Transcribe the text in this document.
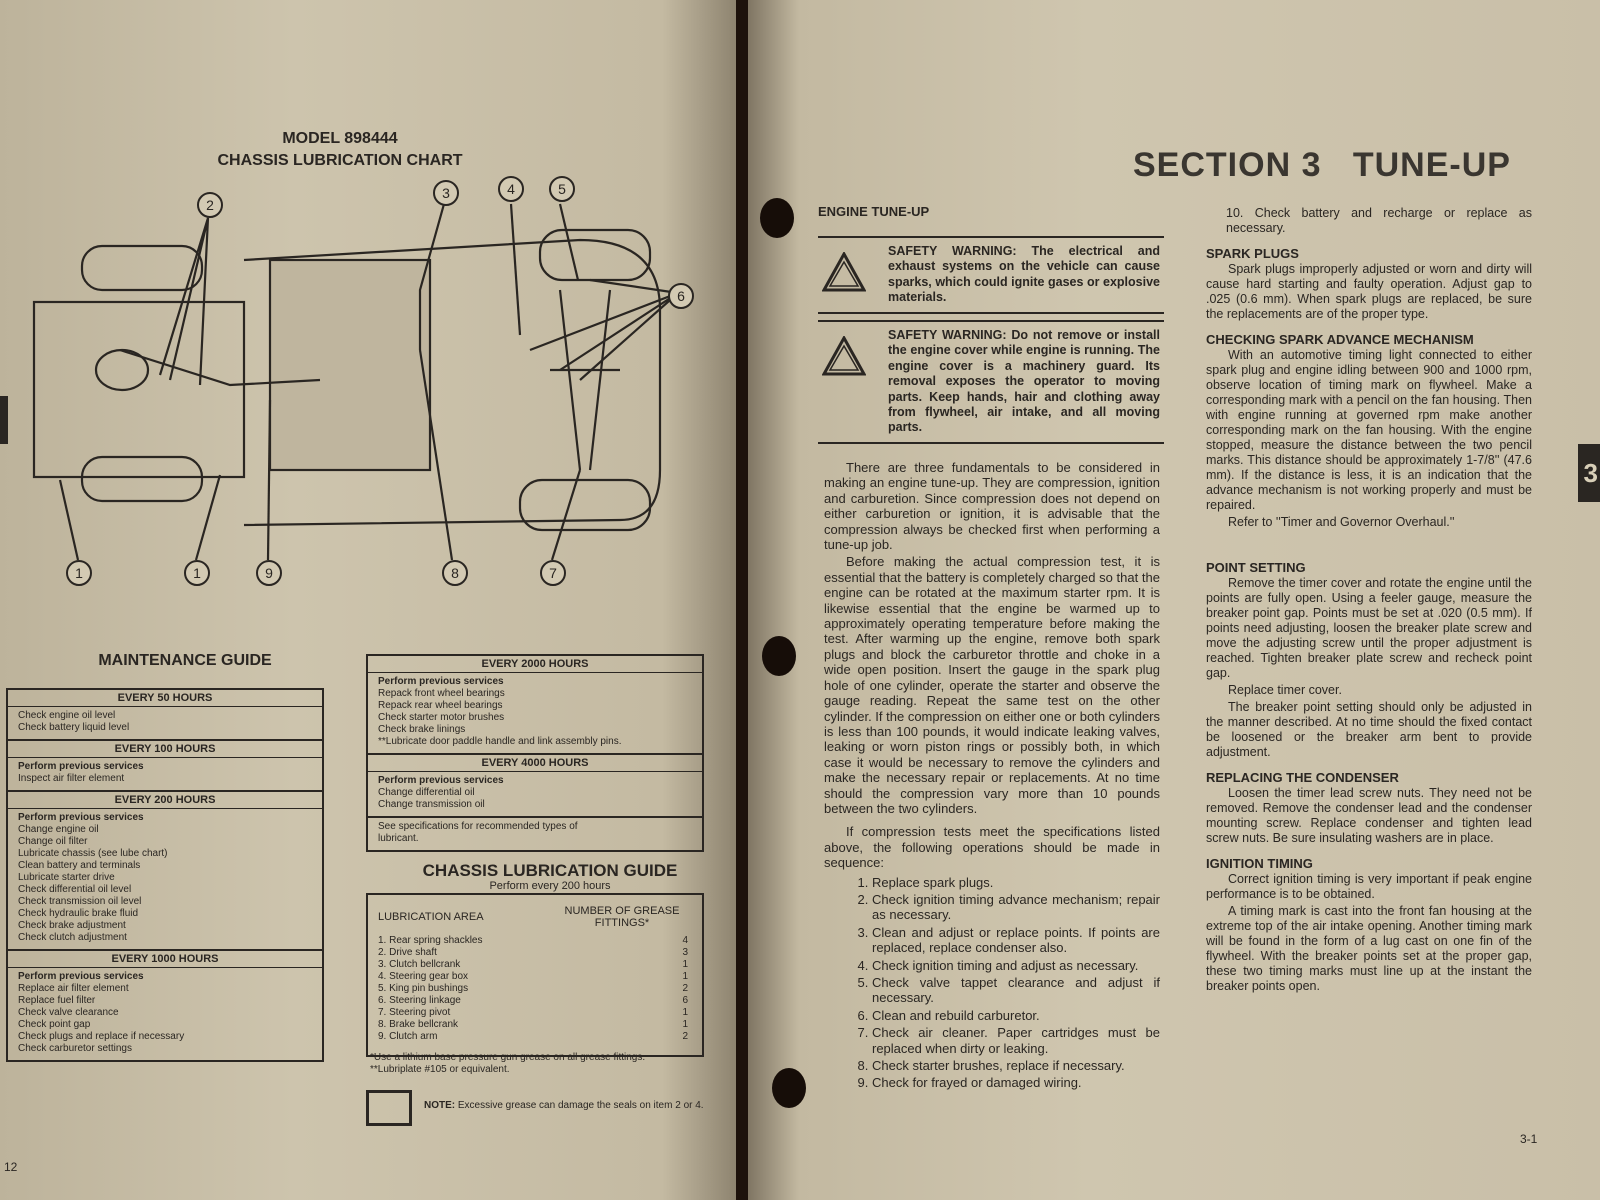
MODEL 898444
CHASSIS LUBRICATION CHART
2
3	4	5
6
1	1	9	8	7
MAINTENANCE GUIDE
EVERY 50 HOURS
Check engine oil level
Check battery liquid level
EVERY 100 HOURS
Perform previous services
Inspect air filter element
EVERY 200 HOURS
Perform previous services
Change engine oil
Change oil filter
Lubricate chassis (see lube chart)
Clean battery and terminals
Lubricate starter drive
Check differential oil level
Check transmission oil level
Check hydraulic brake fluid
Check brake adjustment
Check clutch adjustment
EVERY 1000 HOURS
Perform previous services
Replace air filter element
Replace fuel filter
Check valve clearance
Check point gap
Check plugs and replace if necessary
Check carburetor settings
EVERY 2000 HOURS
Perform previous services
Repack front wheel bearings
Repack rear wheel bearings
Check starter motor brushes
Check brake linings
**Lubricate door paddle handle and link assembly pins.
EVERY 4000 HOURS
Perform previous services
Change differential oil
Change transmission oil
See specifications for recommended types of
lubricant.
CHASSIS LUBRICATION GUIDE
Perform every 200 hours
LUBRICATION AREA	NUMBER OF GREASE FITTINGS*
1. Rear spring shackles	4
2. Drive shaft	3
3. Clutch bellcrank	1
4. Steering gear box	1
5. King pin bushings	2
6. Steering linkage	6
7. Steering pivot	1
8. Brake bellcrank	1
9. Clutch arm	2
*Use a lithium base pressure gun grease on all grease fittings.
**Lubriplate #105 or equivalent.
NOTE: Excessive grease can damage the seals on item 2 or 4.
12
SECTION 3   TUNE-UP
ENGINE TUNE-UP
SAFETY WARNING: The electrical and exhaust systems on the vehicle can cause sparks, which could ignite gases or explosive materials.
SAFETY WARNING: Do not remove or install the engine cover while engine is running. The engine cover is a machinery guard. Its removal exposes the operator to moving parts. Keep hands, hair and clothing away from flywheel, air intake, and all moving parts.

There are three fundamentals to be considered in making an engine tune-up. They are compression, ignition and carburetion. Since compression does not depend on either carburetion or ignition, it is advisable that the compression always be checked first when performing a tune-up job.

Before making the actual compression test, it is essential that the battery is completely charged so that the engine can be rotated at the maximum starter rpm. It is likewise essential that the engine be warmed up to approximately operating temperature before making the test. After warming up the engine, remove both spark plugs and block the carburetor throttle and choke in a wide open position. Insert the gauge in the spark plug hole of one cylinder, operate the starter and observe the gauge reading. Repeat the same test on the other cylinder. If the compression on either one or both cylinders is less than 100 pounds, it would indicate leaking valves, leaking or worn piston rings or possibly both, in which case it would be necessary to remove the cylinders and make the necessary repair or replacements. At no time should the compression vary more than 10 pounds between the two cylinders.

If compression tests meet the specifications listed above, the following operations should be made in sequence:

1. Replace spark plugs.
2. Check ignition timing advance mechanism; repair as necessary.
3. Clean and adjust or replace points. If points are replaced, replace condenser also.
4. Check ignition timing and adjust as necessary.
5. Check valve tappet clearance and adjust if necessary.
6. Clean and rebuild carburetor.
7. Check air cleaner. Paper cartridges must be replaced when dirty or leaking.
8. Check starter brushes, replace if necessary.
9. Check for frayed or damaged wiring.

10. Check battery and recharge or replace as necessary.

SPARK PLUGS

Spark plugs improperly adjusted or worn and dirty will cause hard starting and faulty operation. Adjust gap to .025 (0.6 mm). When spark plugs are replaced, be sure the replacements are of the proper type.

CHECKING SPARK ADVANCE MECHANISM

With an automotive timing light connected to either spark plug and engine idling between 900 and 1000 rpm, observe location of timing mark on flywheel. Make a corresponding mark with a pencil on the fan housing. Then with engine running at governed rpm make another corresponding mark on the fan housing. With the engine stopped, measure the distance between the two pencil marks. This distance should be approximately 1-7/8'' (47.6 mm). If the distance is less, it is an indication that the advance mechanism is not working properly and must be repaired.

Refer to ''Timer and Governor Overhaul.''

POINT SETTING

Remove the timer cover and rotate the engine until the points are fully open. Using a feeler gauge, measure the breaker point gap. Points must be set at .020 (0.5 mm). If points need adjusting, loosen the breaker plate screw and move the adjusting screw until the proper adjustment is reached. Tighten breaker plate screw and recheck point gap.

Replace timer cover.

The breaker point setting should only be adjusted in the manner described. At no time should the fixed contact be loosened or the breaker arm bent to provide adjustment.

REPLACING THE CONDENSER

Loosen the timer lead screw nuts. They need not be removed. Remove the condenser lead and the condenser mounting screw. Replace condenser and tighten lead screw nuts. Be sure insulating washers are in place.

IGNITION TIMING

Correct ignition timing is very important if peak engine performance is to be obtained.

A timing mark is cast into the front fan housing at the extreme top of the air intake opening. Another timing mark will be found in the form of a lug cast on one fin of the flywheel. With the breaker points set at the proper gap, these two timing marks must line up at the instant the breaker points open.

3
3-1
